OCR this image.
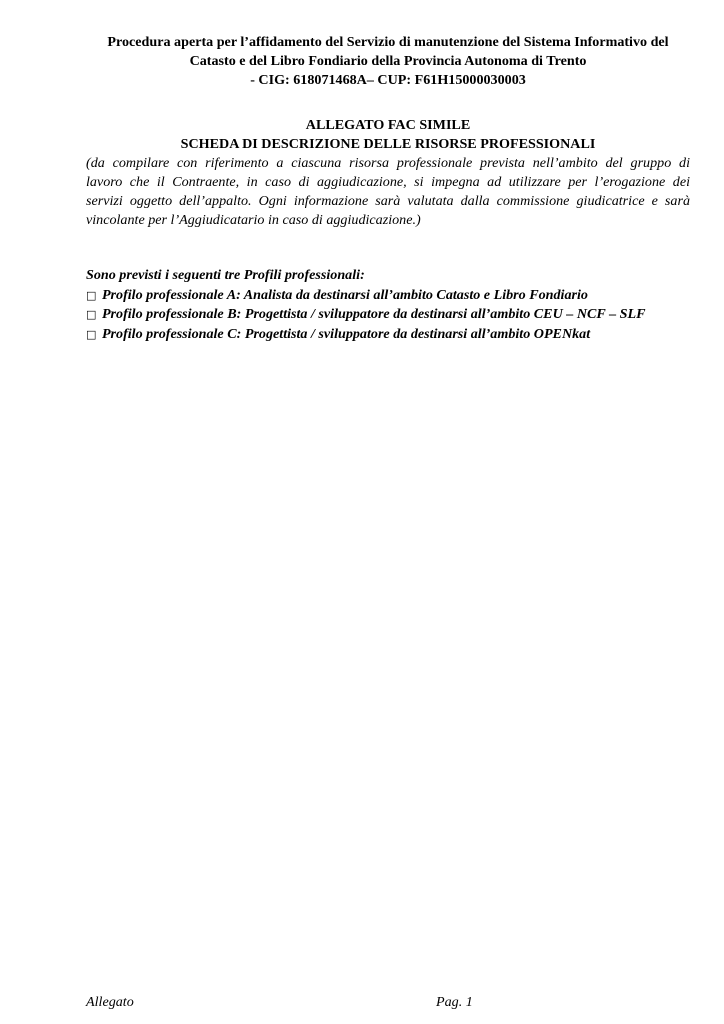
Procedura aperta per l’affidamento del Servizio di manutenzione del Sistema Informativo del
Catasto e del Libro Fondiario della Provincia Autonoma di Trento
- CIG: 618071468A– CUP: F61H15000030003
ALLEGATO FAC SIMILE
SCHEDA DI DESCRIZIONE DELLE RISORSE PROFESSIONALI
(da compilare con riferimento a ciascuna risorsa professionale prevista nell’ambito del gruppo di
lavoro che il Contraente, in caso di aggiudicazione, si impegna ad utilizzare per l’erogazione dei
servizi oggetto dell’appalto. Ogni informazione sarà valutata dalla commissione giudicatrice e sarà
vincolante per l’Aggiudicatario in caso di aggiudicazione.)
Sono previsti i seguenti tre Profili professionali:
□ Profilo professionale A: Analista da destinarsi all’ambito Catasto e Libro Fondiario
□ Profilo professionale B: Progettista / sviluppatore da destinarsi all’ambito CEU – NCF – SLF
□ Profilo professionale C: Progettista / sviluppatore da destinarsi all’ambito OPENkat
Allegato	Pag. 1
